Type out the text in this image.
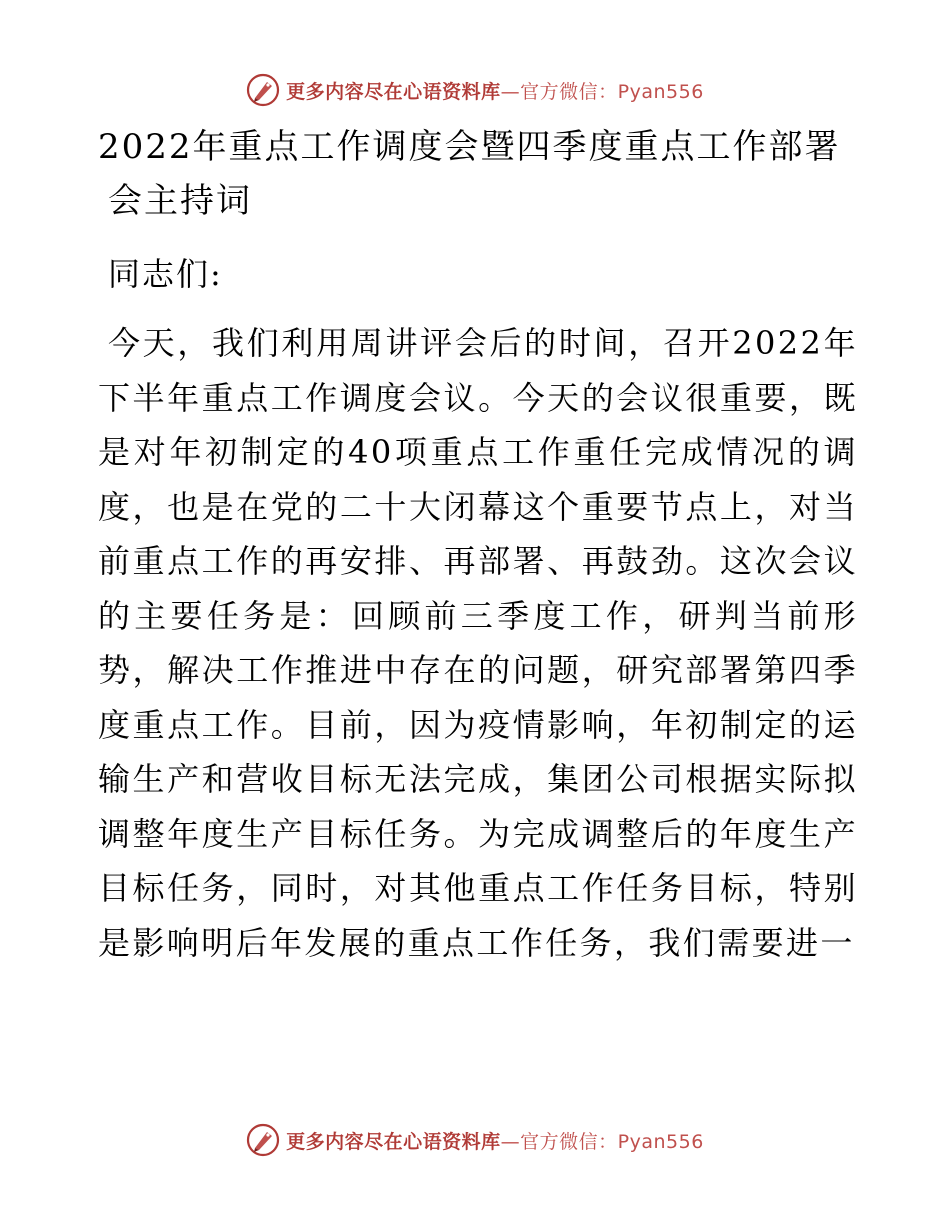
更多内容尽在心语资料库—官方微信：Pyan556
2022年重点工作调度会暨四季度重点工作部署会主持词

同志们:

今天，我们利用周讲评会后的时间，召开2022年下半年重点工作调度会议。今天的会议很重要，既是对年初制定的40项重点工作重任完成情况的调度，也是在党的二十大闭幕这个重要节点上，对当前重点工作的再安排、再部署、再鼓劲。这次会议的主要任务是：回顾前三季度工作，研判当前形势，解决工作推进中存在的问题，研究部署第四季度重点工作。目前，因为疫情影响，年初制定的运输生产和营收目标无法完成，集团公司根据实际拟调整年度生产目标任务。为完成调整后的年度生产目标任务，同时，对其他重点工作任务目标，特别是影响明后年发展的重点工作任务，我们需要进一

更多内容尽在心语资料库—官方微信：Pyan556
